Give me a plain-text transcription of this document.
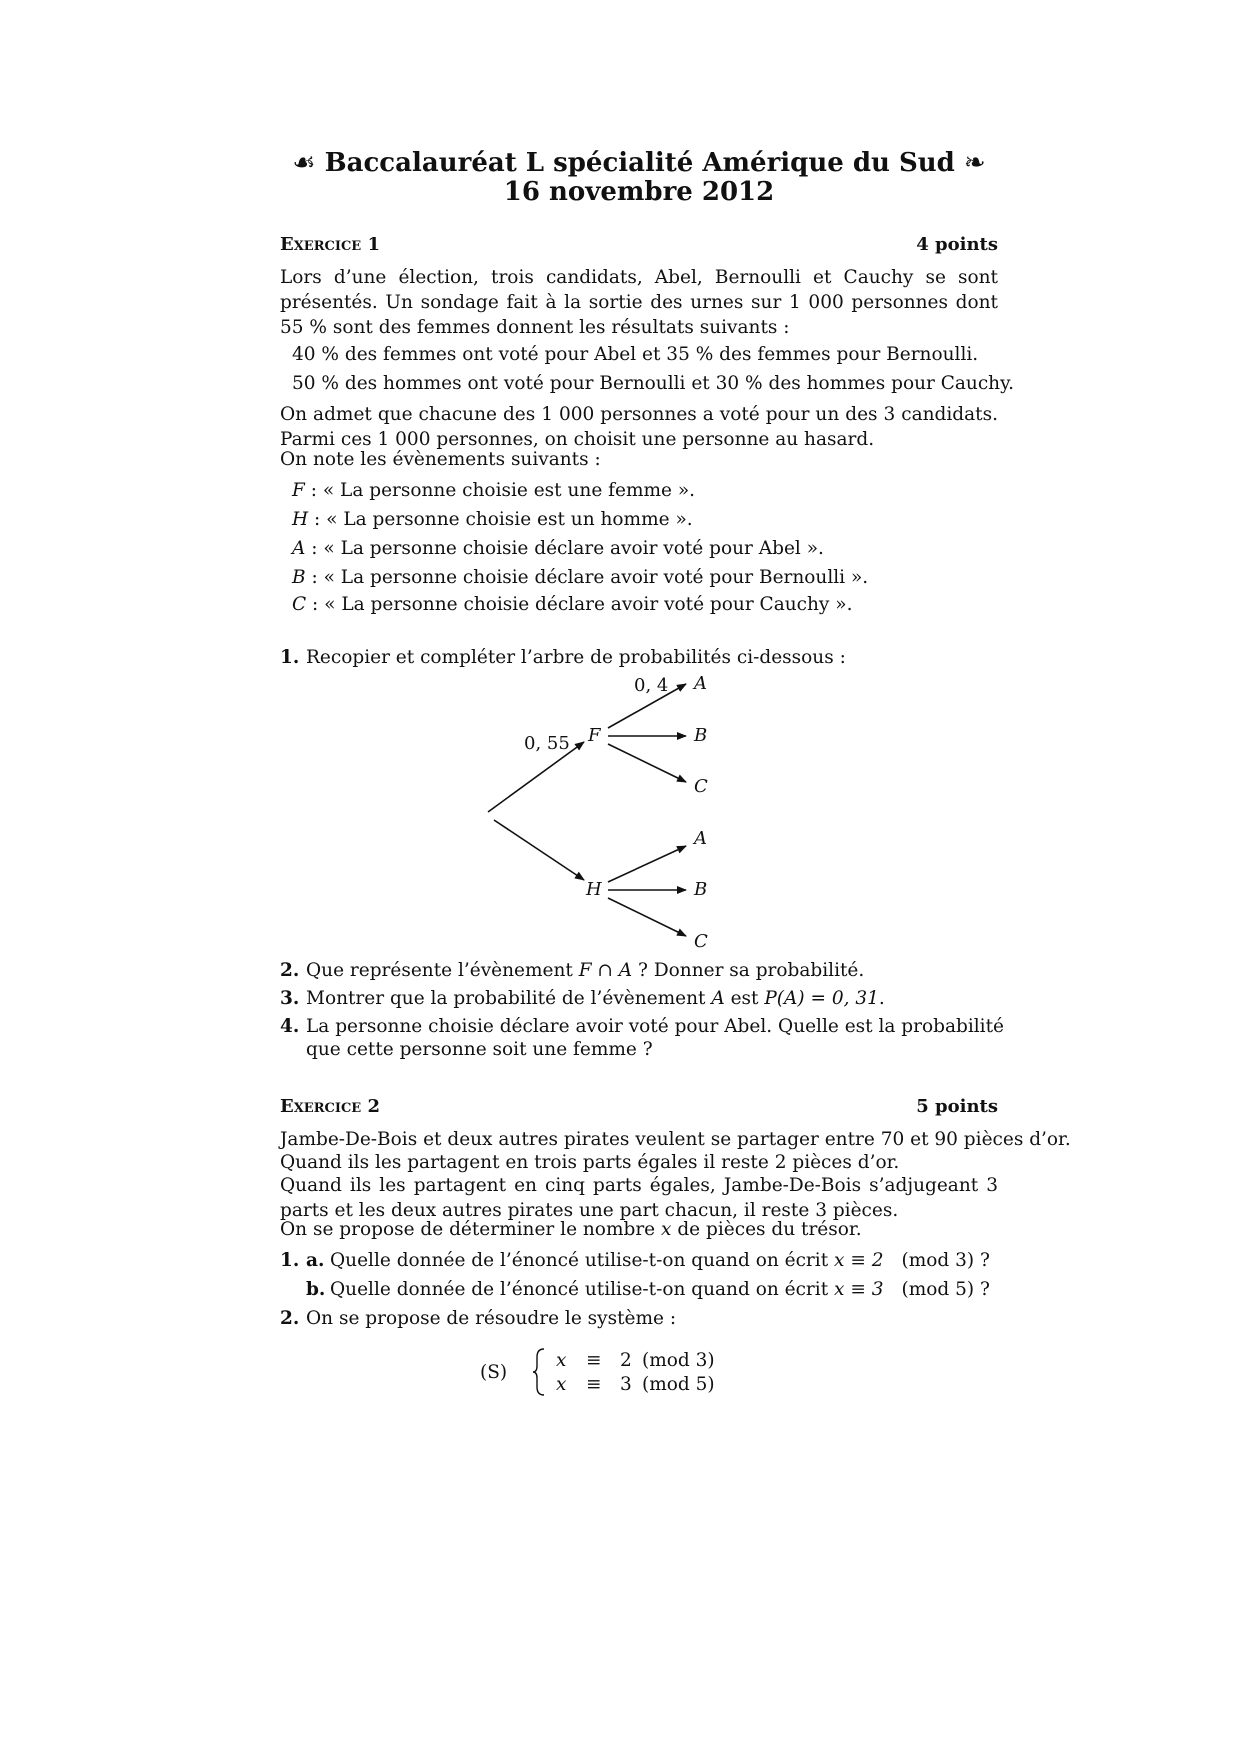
☙ Baccalauréat L spécialité Amérique du Sud ❧
16 novembre 2012
Exercice 1	4 points
Lors d’une élection, trois candidats, Abel, Bernoulli et Cauchy se sont présentés. Un sondage fait à la sortie des urnes sur 1 000 personnes dont 55 % sont des femmes donnent les résultats suivants :
40 % des femmes ont voté pour Abel et 35 % des femmes pour Bernoulli.
50 % des hommes ont voté pour Bernoulli et 30 % des hommes pour Cauchy.
On admet que chacune des 1 000 personnes a voté pour un des 3 candidats. Parmi ces 1 000 personnes, on choisit une personne au hasard.
On note les évènements suivants :
F : « La personne choisie est une femme ».
H : « La personne choisie est un homme ».
A : « La personne choisie déclare avoir voté pour Abel ».
B : « La personne choisie déclare avoir voté pour Bernoulli ».
C : « La personne choisie déclare avoir voté pour Cauchy ».
1. Recopier et compléter l’arbre de probabilités ci-dessous :
0, 55
0, 4
F
H
A
B
C
A
B
C
2. Que représente l’évènement F ∩ A ? Donner sa probabilité.
3. Montrer que la probabilité de l’évènement A est P(A) = 0, 31.
4. La personne choisie déclare avoir voté pour Abel. Quelle est la probabilité
que cette personne soit une femme ?
Exercice 2	5 points
Jambe-De-Bois et deux autres pirates veulent se partager entre 70 et 90 pièces d’or.
Quand ils les partagent en trois parts égales il reste 2 pièces d’or.
Quand ils les partagent en cinq parts égales, Jambe-De-Bois s’adjugeant 3 parts et les deux autres pirates une part chacun, il reste 3 pièces.
On se propose de déterminer le nombre x de pièces du trésor.
1. a. Quelle donnée de l’énoncé utilise-t-on quand on écrit x ≡ 2 (mod 3) ?
b. Quelle donnée de l’énoncé utilise-t-on quand on écrit x ≡ 3 (mod 5) ?
2. On se propose de résoudre le système :
(S)
x ≡ 2 (mod 3)
x ≡ 3 (mod 5)
